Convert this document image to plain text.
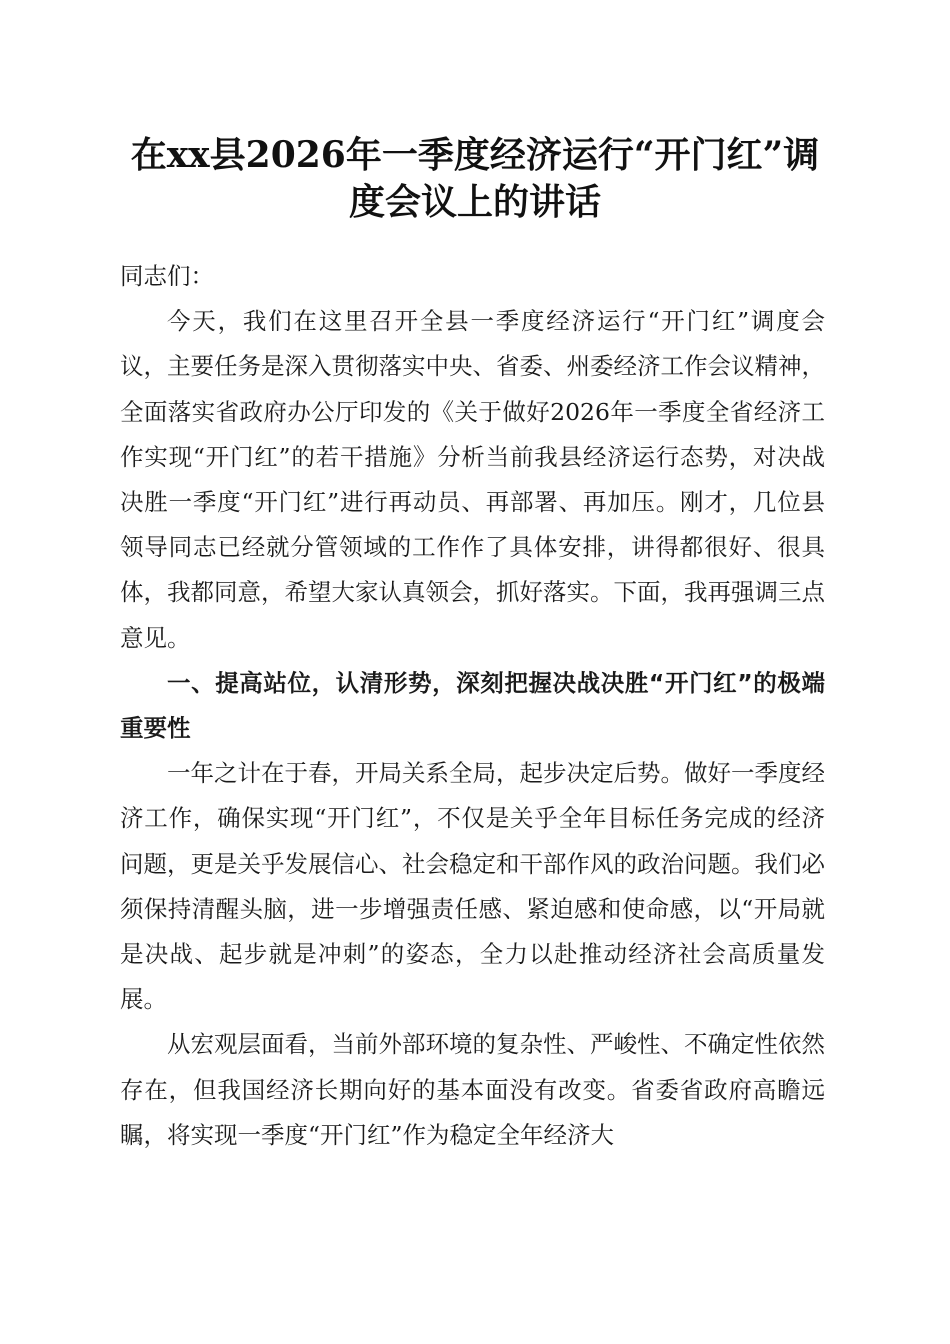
在xx县2026年一季度经济运行“开门红”调
度会议上的讲话

同志们：

今天，我们在这里召开全县一季度经济运行“开门红”调度会议，主要任务是深入贯彻落实中央、省委、州委经济工作会议精神，全面落实省政府办公厅印发的《关于做好2026年一季度全省经济工作实现“开门红”的若干措施》分析当前我县经济运行态势，对决战决胜一季度“开门红”进行再动员、再部署、再加压。刚才，几位县领导同志已经就分管领域的工作作了具体安排，讲得都很好、很具体，我都同意，希望大家认真领会，抓好落实。下面，我再强调三点意见。

一、提高站位，认清形势，深刻把握决战决胜“开门红”的极端重要性

一年之计在于春，开局关系全局，起步决定后势。做好一季度经济工作，确保实现“开门红”，不仅是关乎全年目标任务完成的经济问题，更是关乎发展信心、社会稳定和干部作风的政治问题。我们必须保持清醒头脑，进一步增强责任感、紧迫感和使命感，以“开局就是决战、起步就是冲刺”的姿态，全力以赴推动经济社会高质量发展。

从宏观层面看，当前外部环境的复杂性、严峻性、不确定性依然存在，但我国经济长期向好的基本面没有改变。省委省政府高瞻远瞩，将实现一季度“开门红”作为稳定全年经济大
